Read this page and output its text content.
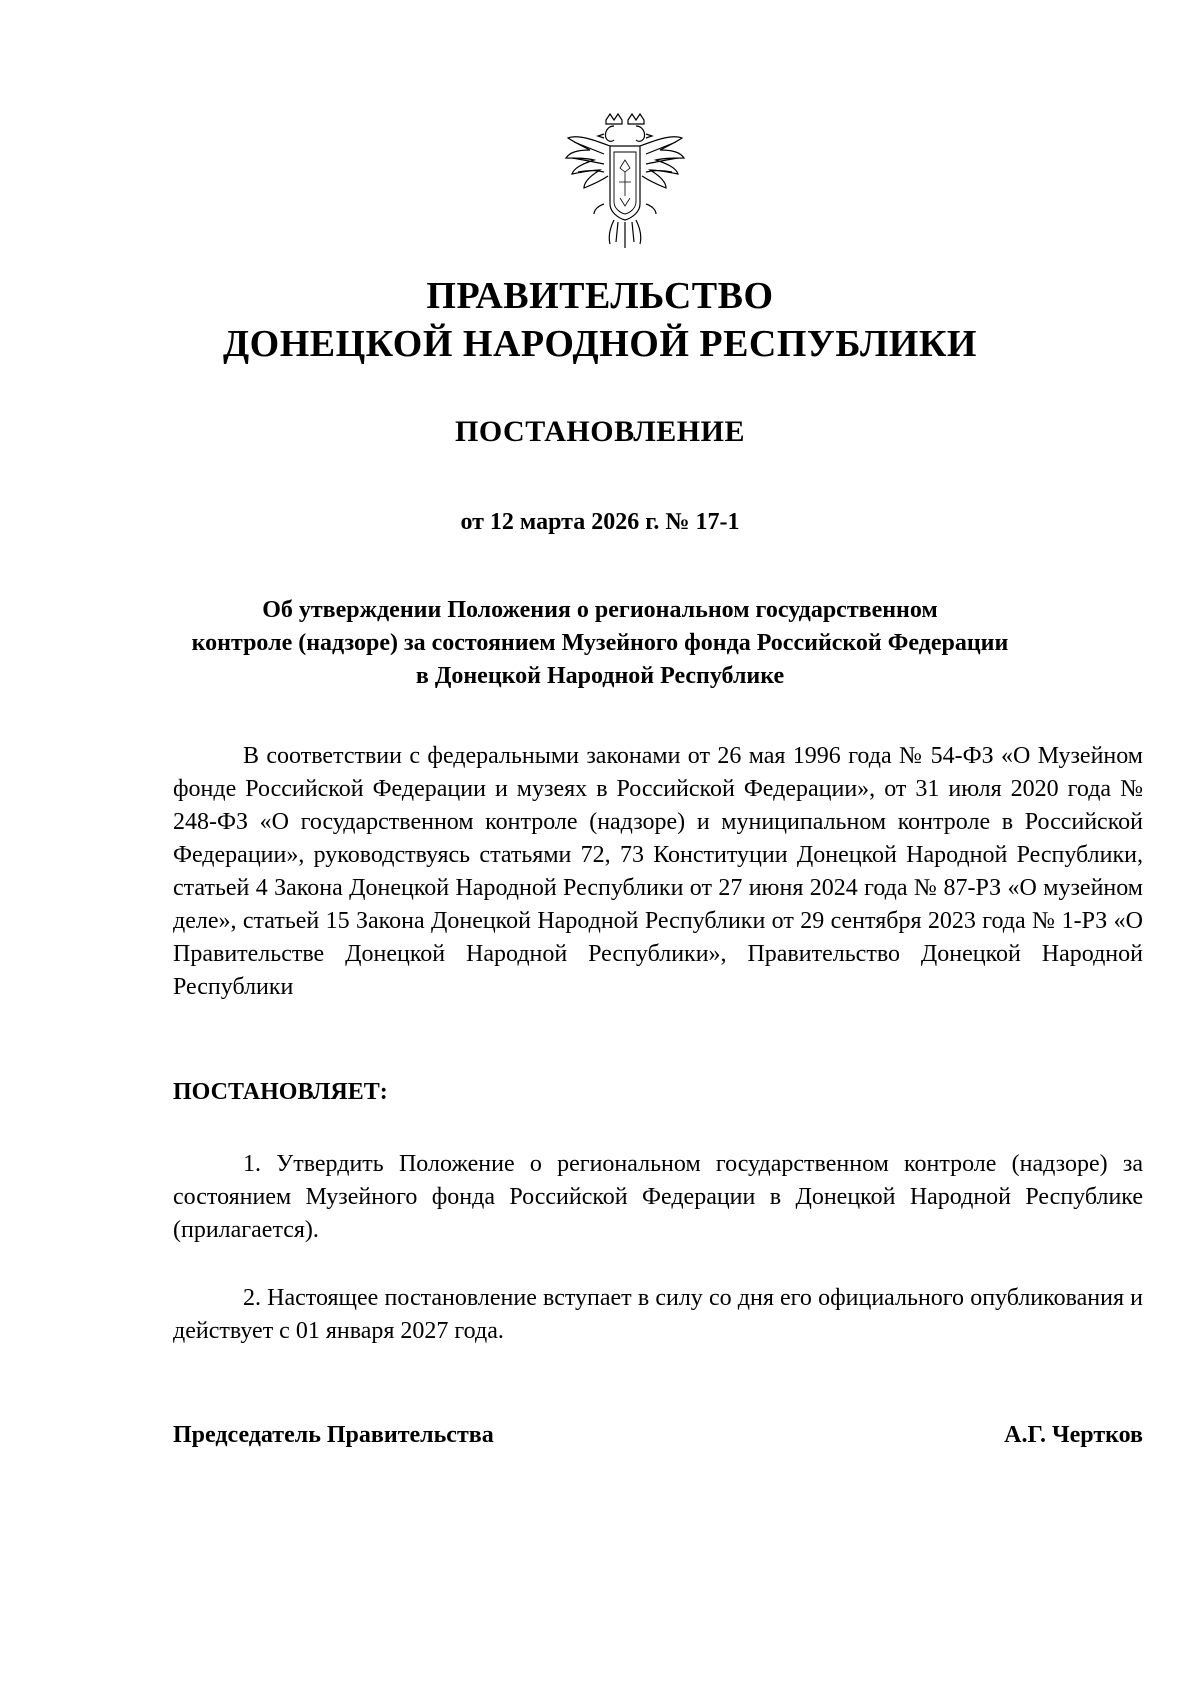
ПРАВИТЕЛЬСТВО
ДОНЕЦКОЙ НАРОДНОЙ РЕСПУБЛИКИ
ПОСТАНОВЛЕНИЕ
от 12 марта 2026 г. № 17-1
Об утверждении Положения о региональном государственном
контроле (надзоре) за состоянием Музейного фонда Российской Федерации
в Донецкой Народной Республике

В соответствии с федеральными законами от 26 мая 1996 года № 54-ФЗ «О Музейном фонде Российской Федерации и музеях в Российской Федерации», от 31 июля 2020 года № 248-ФЗ «О государственном контроле (надзоре) и муниципальном контроле в Российской Федерации», руководствуясь статьями 72, 73 Конституции Донецкой Народной Республики, статьей 4 Закона Донецкой Народной Республики от 27 июня 2024 года № 87-РЗ «О музейном деле», статьей 15 Закона Донецкой Народной Республики от 29 сентября 2023 года № 1-РЗ «О Правительстве Донецкой Народной Республики», Правительство Донецкой Народной Республики

ПОСТАНОВЛЯЕТ:

1. Утвердить Положение о региональном государственном контроле (надзоре) за состоянием Музейного фонда Российской Федерации в Донецкой Народной Республике (прилагается).

2. Настоящее постановление вступает в силу со дня его официального опубликования и действует с 01 января 2027 года.

Председатель Правительства	А.Г. Чертков
